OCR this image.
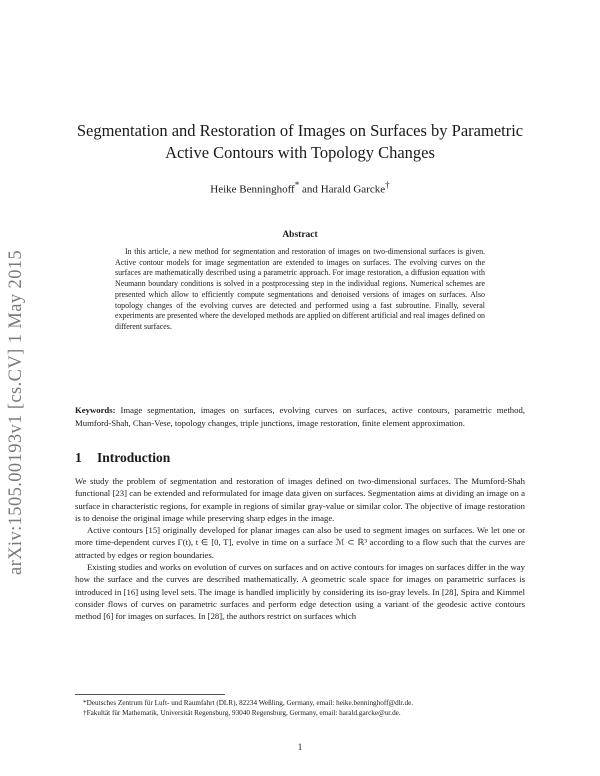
arXiv:1505.00193v1 [cs.CV] 1 May 2015
Segmentation and Restoration of Images on Surfaces by Parametric
Active Contours with Topology Changes
Heike Benninghoff* and Harald Garcke†
Abstract
In this article, a new method for segmentation and restoration of images on two-dimensional surfaces is given. Active contour models for image segmentation are extended to images on surfaces. The evolving curves on the surfaces are mathematically described using a parametric approach. For image restoration, a diffusion equation with Neumann boundary conditions is solved in a postprocessing step in the individual regions. Numerical schemes are presented which allow to efficiently compute segmentations and denoised versions of images on surfaces. Also topology changes of the evolving curves are detected and performed using a fast subroutine. Finally, several experiments are presented where the developed methods are applied on different artificial and real images defined on different surfaces.
Keywords: Image segmentation, images on surfaces, evolving curves on surfaces, active contours, parametric method, Mumford-Shah, Chan-Vese, topology changes, triple junctions, image restoration, finite element approximation.
1 Introduction

We study the problem of segmentation and restoration of images defined on two-dimensional surfaces. The Mumford-Shah functional [23] can be extended and reformulated for image data given on surfaces. Segmentation aims at dividing an image on a surface in characteristic regions, for example in regions of similar gray-value or similar color. The objective of image restoration is to denoise the original image while preserving sharp edges in the image.

Active contours [15] originally developed for planar images can also be used to segment images on surfaces. We let one or more time-dependent curves Γ(t), t ∈ [0, T], evolve in time on a surface ℳ ⊂ ℝ³ according to a flow such that the curves are attracted by edges or region boundaries.

Existing studies and works on evolution of curves on surfaces and on active contours for images on surfaces differ in the way how the surface and the curves are described mathematically. A geometric scale space for images on parametric surfaces is introduced in [16] using level sets. The image is handled implicitly by considering its iso-gray levels. In [28], Spira and Kimmel consider flows of curves on parametric surfaces and perform edge detection using a variant of the geodesic active contours method [6] for images on surfaces. In [28], the authors restrict on surfaces which

*Deutsches Zentrum für Luft- und Raumfahrt (DLR), 82234 Weßling, Germany, email: heike.benninghoff@dlr.de.

†Fakultät für Mathematik, Universität Regensburg, 93040 Regensburg, Germany, email: harald.garcke@ur.de.

1
